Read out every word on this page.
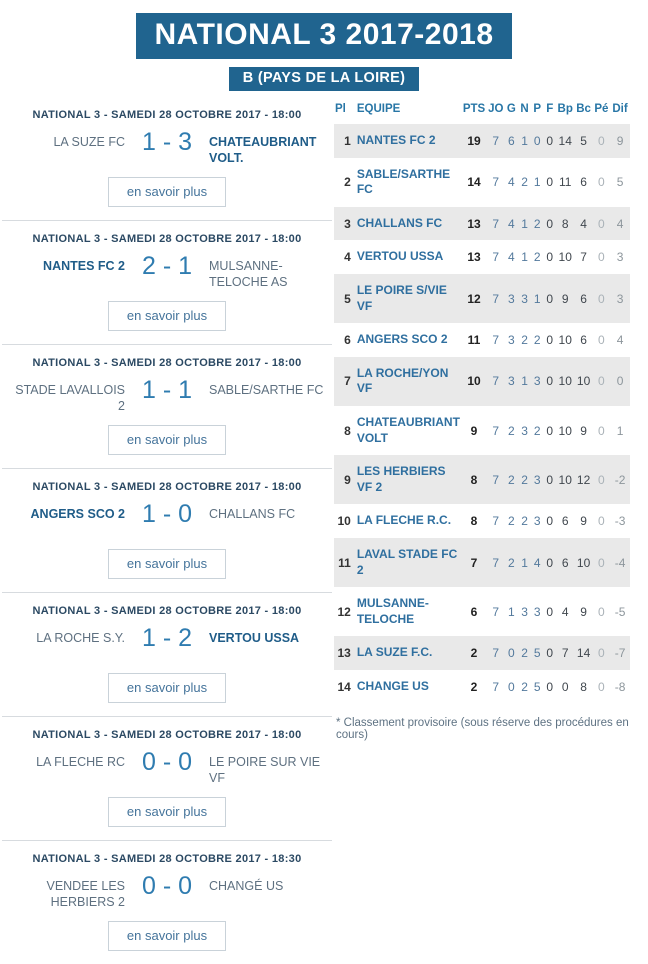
NATIONAL 3 2017-2018
B (PAYS DE LA LOIRE)
NATIONAL 3 - SAMEDI 28 OCTOBRE 2017 - 18:00
LA SUZE FC 1 - 3	CHATEAUBRIANT VOLT.
en savoir plus
NATIONAL 3 - SAMEDI 28 OCTOBRE 2017 - 18:00
NANTES FC 2 2 - 1	MULSANNE-TELOCHE AS
en savoir plus
NATIONAL 3 - SAMEDI 28 OCTOBRE 2017 - 18:00
STADE LAVALLOIS 2
1 - 1	SABLE/SARTHE FC
en savoir plus
NATIONAL 3 - SAMEDI 28 OCTOBRE 2017 - 18:00
ANGERS SCO 2 1 - 0	CHALLANS FC
en savoir plus
NATIONAL 3 - SAMEDI 28 OCTOBRE 2017 - 18:00
LA ROCHE S.Y. 1 - 2	VERTOU USSA
en savoir plus
NATIONAL 3 - SAMEDI 28 OCTOBRE 2017 - 18:00
LA FLECHE RC 0 - 0	LE POIRE SUR VIE VF
en savoir plus
NATIONAL 3 - SAMEDI 28 OCTOBRE 2017 - 18:30
VENDEE LES HERBIERS 2
0 - 0	CHANGÉ US
en savoir plus
Pl	EQUIPE	PTS	JO	G	N	P	F	Bp	Bc	Pé	Dif
1	NANTES FC 2	19	7	6	1	0	0	14	5	0	9
2	SABLE/SARTHE FC	14	7	4	2	1	0	11	6	0	5
3	CHALLANS FC	13	7	4	1	2	0	8	4	0	4
4	VERTOU USSA	13	7	4	1	2	0	10	7	0	3
5	LE POIRE S/VIE VF	12	7	3	3	1	0	9	6	0	3
6	ANGERS SCO 2	11	7	3	2	2	0	10	6	0	4
7	LA ROCHE/YON VF	10	7	3	1	3	0	10	10	0	0
8	CHATEAUBRIANT VOLT	9	7	2	3	2	0	10	9	0	1
9	LES HERBIERS VF 2	8	7	2	2	3	0	10	12	0	-2
10	LA FLECHE R.C.	8	7	2	2	3	0	6	9	0	-3
11	LAVAL STADE FC 2	7	7	2	1	4	0	6	10	0	-4
12	MULSANNE-TELOCHE	6	7	1	3	3	0	4	9	0	-5
13	LA SUZE F.C.	2	7	0	2	5	0	7	14	0	-7
14	CHANGE US	2	7	0	2	5	0	0	8	0	-8
* Classement provisoire (sous réserve des procédures en cours)
